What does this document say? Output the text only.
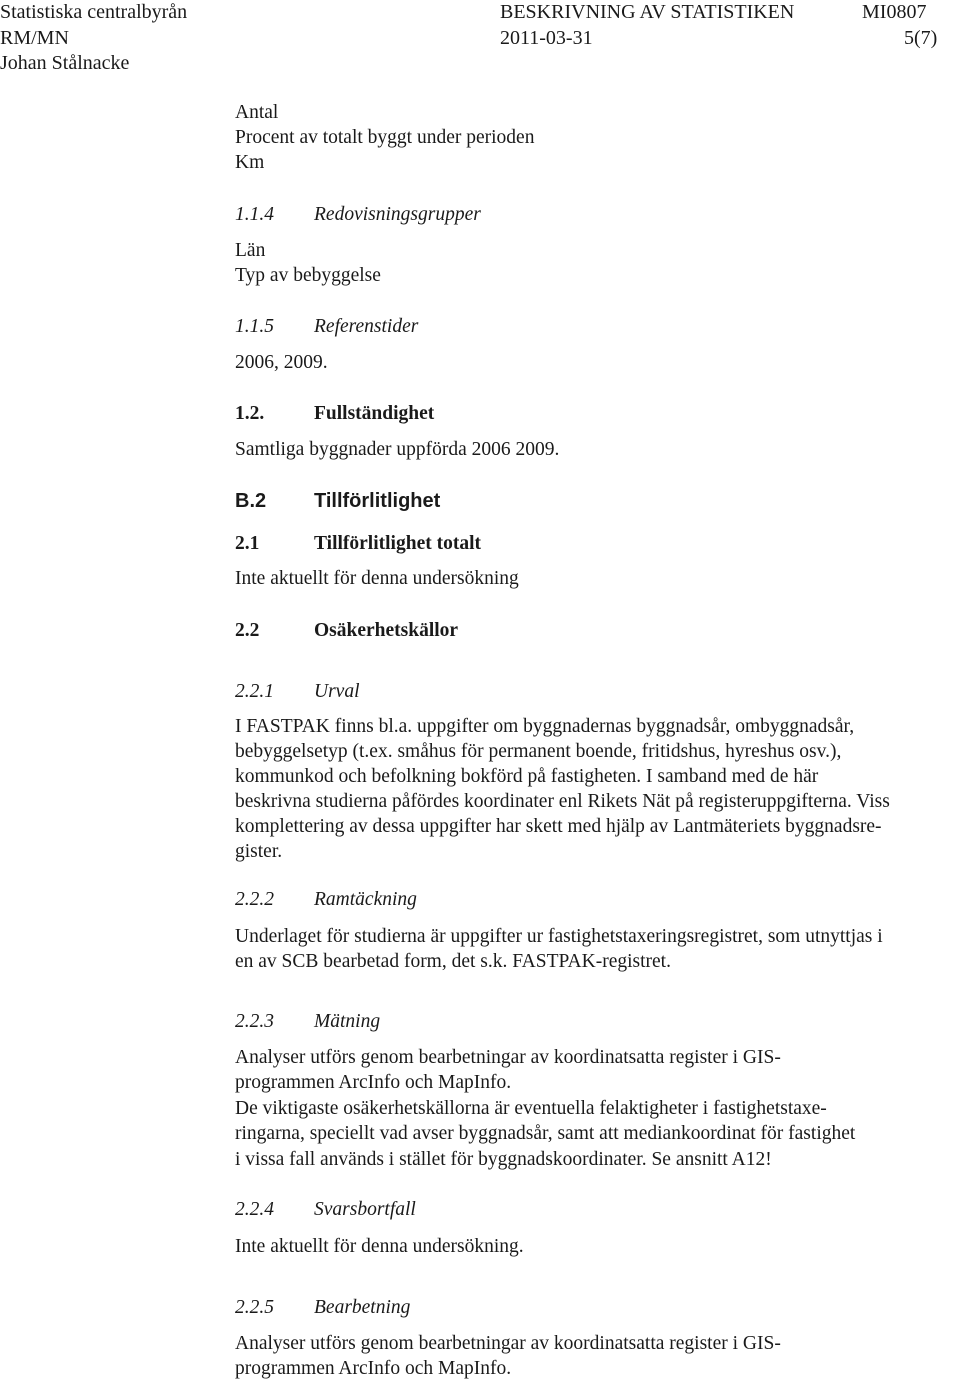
Statistiska centralbyrån	BESKRIVNING AV STATISTIKEN	MI0807
RM/MN	2011-03-31	5(7)
Johan Stålnacke
Antal
Procent av totalt byggt under perioden
Km
1.1.4 Redovisningsgrupper
Län
Typ av bebyggelse
1.1.5 Referenstider
2006, 2009.
1.2.	Fullständighet
Samtliga byggnader uppförda 2006 2009.
B.2 Tillförlitlighet
2.1	Tillförlitlighet totalt
Inte aktuellt för denna undersökning
2.2	Osäkerhetskällor
2.2.1 Urval
I FASTPAK finns bl.a. uppgifter om byggnadernas byggnadsår, ombyggnadsår,
bebyggelsetyp (t.ex. småhus för permanent boende, fritidshus, hyreshus osv.),
kommunkod och befolkning bokförd på fastigheten. I samband med de här
beskrivna studierna påfördes koordinater enl Rikets Nät på registeruppgifterna. Viss
komplettering av dessa uppgifter har skett med hjälp av Lantmäteriets byggnadsre-
gister.
2.2.2 Ramtäckning
Underlaget för studierna är uppgifter ur fastighetstaxeringsregistret, som utnyttjas i
en av SCB bearbetad form, det s.k. FASTPAK-registret.
2.2.3 Mätning
Analyser utförs genom bearbetningar av koordinatsatta register i GIS-
programmen ArcInfo och MapInfo.
De viktigaste osäkerhetskällorna är eventuella felaktigheter i fastighetstaxe-
ringarna, speciellt vad avser byggnadsår, samt att mediankoordinat för fastighet
i vissa fall används i stället för byggnadskoordinater. Se ansnitt A12!
2.2.4 Svarsbortfall
Inte aktuellt för denna undersökning.
2.2.5 Bearbetning
Analyser utförs genom bearbetningar av koordinatsatta register i GIS-
programmen ArcInfo och MapInfo.
